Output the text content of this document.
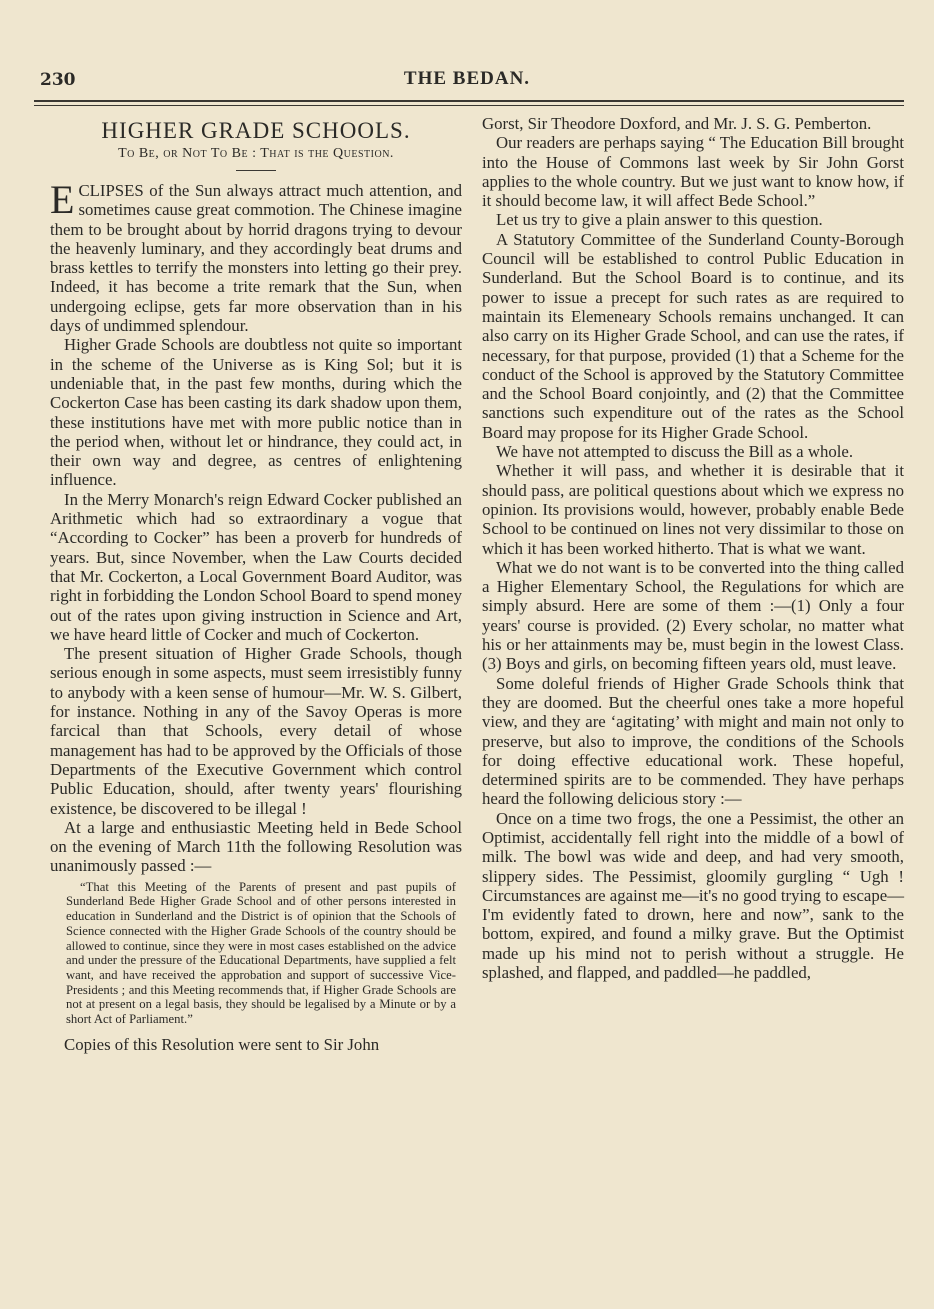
230	THE BEDAN.
HIGHER GRADE SCHOOLS.
To Be, or Not To Be : That is the Question.

ECLIPSES of the Sun always attract much attention, and sometimes cause great commotion. The Chinese imagine them to be brought about by horrid dragons trying to devour the heavenly luminary, and they accordingly beat drums and brass kettles to terrify the monsters into letting go their prey. Indeed, it has become a trite remark that the Sun, when undergoing eclipse, gets far more observation than in his days of undimmed splendour.

Higher Grade Schools are doubtless not quite so important in the scheme of the Universe as is King Sol; but it is undeniable that, in the past few months, during which the Cockerton Case has been casting its dark shadow upon them, these institutions have met with more public notice than in the period when, without let or hindrance, they could act, in their own way and degree, as centres of enlightening influence.

In the Merry Monarch's reign Edward Cocker published an Arithmetic which had so extraordinary a vogue that “According to Cocker” has been a proverb for hundreds of years. But, since November, when the Law Courts decided that Mr. Cockerton, a Local Government Board Auditor, was right in forbidding the London School Board to spend money out of the rates upon giving instruction in Science and Art, we have heard little of Cocker and much of Cockerton.

The present situation of Higher Grade Schools, though serious enough in some aspects, must seem irresistibly funny to anybody with a keen sense of humour—Mr. W. S. Gilbert, for instance. Nothing in any of the Savoy Operas is more farcical than that Schools, every detail of whose management has had to be approved by the Officials of those Departments of the Executive Government which control Public Education, should, after twenty years' flourishing existence, be discovered to be illegal !

At a large and enthusiastic Meeting held in Bede School on the evening of March 11th the following Resolution was unanimously passed :—

“That this Meeting of the Parents of present and past pupils of Sunderland Bede Higher Grade School and of other persons interested in education in Sunderland and the District is of opinion that the Schools of Science connected with the Higher Grade Schools of the country should be allowed to continue, since they were in most cases established on the advice and under the pressure of the Educational Departments, have supplied a felt want, and have received the approbation and support of successive Vice-Presidents ; and this Meeting recommends that, if Higher Grade Schools are not at present on a legal basis, they should be legalised by a Minute or by a short Act of Parliament.”

Copies of this Resolution were sent to Sir John

Gorst, Sir Theodore Doxford, and Mr. J. S. G. Pemberton.

Our readers are perhaps saying “ The Education Bill brought into the House of Commons last week by Sir John Gorst applies to the whole country. But we just want to know how, if it should become law, it will affect Bede School.”

Let us try to give a plain answer to this question.

A Statutory Committee of the Sunderland County-Borough Council will be established to control Public Education in Sunderland. But the School Board is to continue, and its power to issue a precept for such rates as are required to maintain its Elemeneary Schools remains unchanged. It can also carry on its Higher Grade School, and can use the rates, if necessary, for that purpose, provided (1) that a Scheme for the conduct of the School is approved by the Statutory Committee and the School Board conjointly, and (2) that the Committee sanctions such expenditure out of the rates as the School Board may propose for its Higher Grade School.

We have not attempted to discuss the Bill as a whole.

Whether it will pass, and whether it is desirable that it should pass, are political questions about which we express no opinion. Its provisions would, however, probably enable Bede School to be continued on lines not very dissimilar to those on which it has been worked hitherto. That is what we want.

What we do not want is to be converted into the thing called a Higher Elementary School, the Regulations for which are simply absurd. Here are some of them :—(1) Only a four years' course is provided. (2) Every scholar, no matter what his or her attainments may be, must begin in the lowest Class. (3) Boys and girls, on becoming fifteen years old, must leave.

Some doleful friends of Higher Grade Schools think that they are doomed. But the cheerful ones take a more hopeful view, and they are ‘agitating’ with might and main not only to preserve, but also to improve, the conditions of the Schools for doing effective educational work. These hopeful, determined spirits are to be commended. They have perhaps heard the following delicious story :—

Once on a time two frogs, the one a Pessimist, the other an Optimist, accidentally fell right into the middle of a bowl of milk. The bowl was wide and deep, and had very smooth, slippery sides. The Pessimist, gloomily gurgling “ Ugh ! Circumstances are against me—it's no good trying to escape—I'm evidently fated to drown, here and now”, sank to the bottom, expired, and found a milky grave. But the Optimist made up his mind not to perish without a struggle. He splashed, and flapped, and paddled—he paddled,
